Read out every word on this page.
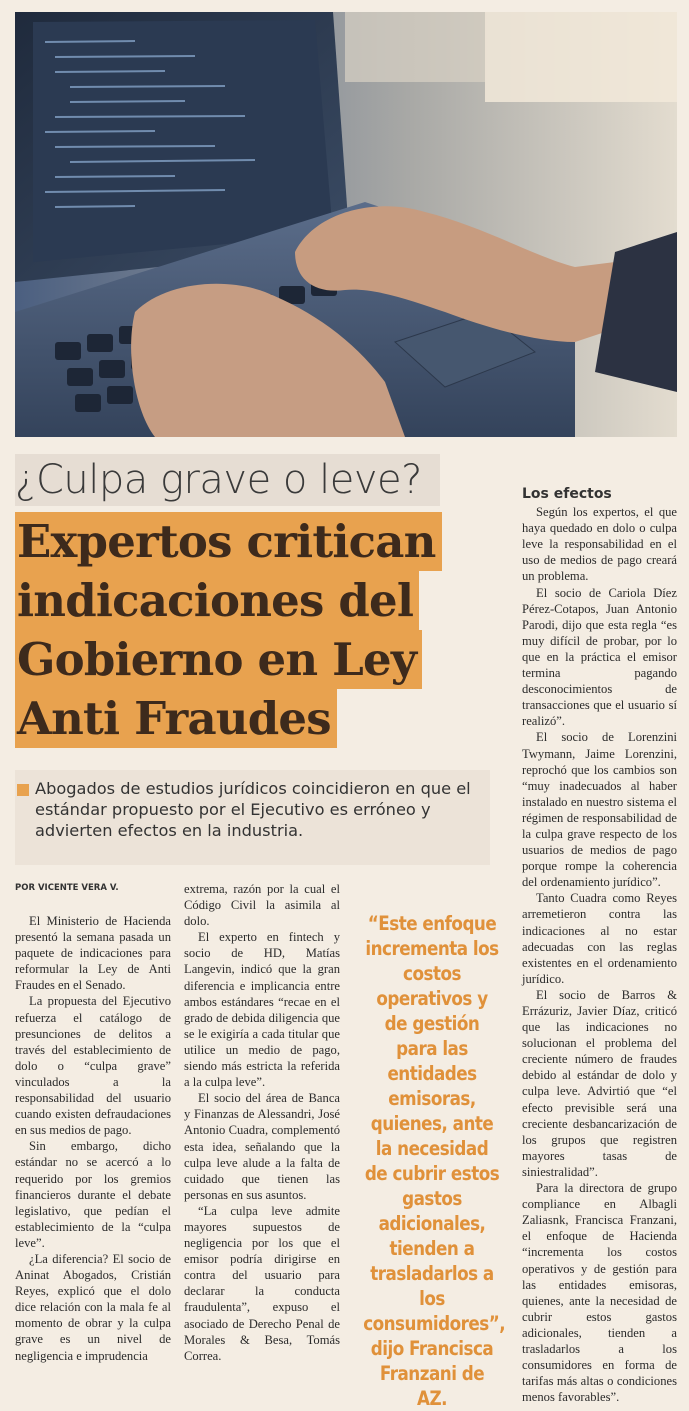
¿Culpa grave o leve?
Expertos critican
indicaciones del
Gobierno en Ley
Anti Fraudes
Abogados de estudios jurídicos coincidieron en que el estándar propuesto por el Ejecutivo es erróneo y advierten efectos en la industria.
POR VICENTE VERA V.

El Ministerio de Hacienda presentó la semana pasada un paquete de indicaciones para reformular la Ley de Anti Fraudes en el Senado.

La propuesta del Ejecutivo refuerza el catálogo de presunciones de delitos a través del establecimiento de dolo o “culpa grave” vinculados a la responsabilidad del usuario cuando existen defraudaciones en sus medios de pago.

Sin embargo, dicho estándar no se acercó a lo requerido por los gremios financieros durante el debate legislativo, que pedían el establecimiento de la “culpa leve”.

¿La diferencia? El socio de Aninat Abogados, Cristián Reyes, explicó que el dolo dice relación con la mala fe al momento de obrar y la culpa grave es un nivel de negligencia e imprudencia

extrema, razón por la cual el Código Civil la asimila al dolo.

El experto en fintech y socio de HD, Matías Langevin, indicó que la gran diferencia e implicancia entre ambos estándares “recae en el grado de debida diligencia que se le exigiría a cada titular que utilice un medio de pago, siendo más estricta la referida a la culpa leve”.

El socio del área de Banca y Finanzas de Alessandri, José Antonio Cuadra, complementó esta idea, señalando que la culpa leve alude a la falta de cuidado que tienen las personas en sus asuntos.

“La culpa leve admite mayores supuestos de negligencia por los que el emisor podría dirigirse en contra del usuario para declarar la conducta fraudulenta”, expuso el asociado de Derecho Penal de Morales & Besa, Tomás Correa.

“Este enfoque incrementa los costos operativos y de gestión para las entidades emisoras, quienes, ante la necesidad de cubrir estos gastos adicionales, tienden a trasladarlos a los consumidores”, dijo Francisca Franzani de AZ.
Los efectos

Según los expertos, el que haya quedado en dolo o culpa leve la responsabilidad en el uso de medios de pago creará un problema.

El socio de Cariola Díez Pérez-Cotapos, Juan Antonio Parodi, dijo que esta regla “es muy difícil de probar, por lo que en la práctica el emisor termina pagando desconocimientos de transacciones que el usuario sí realizó”.

El socio de Lorenzini Twymann, Jaime Lorenzini, reprochó que los cambios son “muy inadecuados al haber instalado en nuestro sistema el régimen de responsabilidad de la culpa grave respecto de los usuarios de medios de pago porque rompe la coherencia del ordenamiento jurídico”.

Tanto Cuadra como Reyes arremetieron contra las indicaciones al no estar adecuadas con las reglas existentes en el ordenamiento jurídico.

El socio de Barros & Errázuriz, Javier Díaz, criticó que las indicaciones no solucionan el problema del creciente número de fraudes debido al estándar de dolo y culpa leve. Advirtió que “el efecto previsible será una creciente desbancarización de los grupos que registren mayores tasas de siniestralidad”.

Para la directora de grupo compliance en Albagli Zaliasnk, Francisca Franzani, el enfoque de Hacienda “incrementa los costos operativos y de gestión para las entidades emisoras, quienes, ante la necesidad de cubrir estos gastos adicionales, tienden a trasladarlos a los consumidores en forma de tarifas más altas o condiciones menos favorables”.
